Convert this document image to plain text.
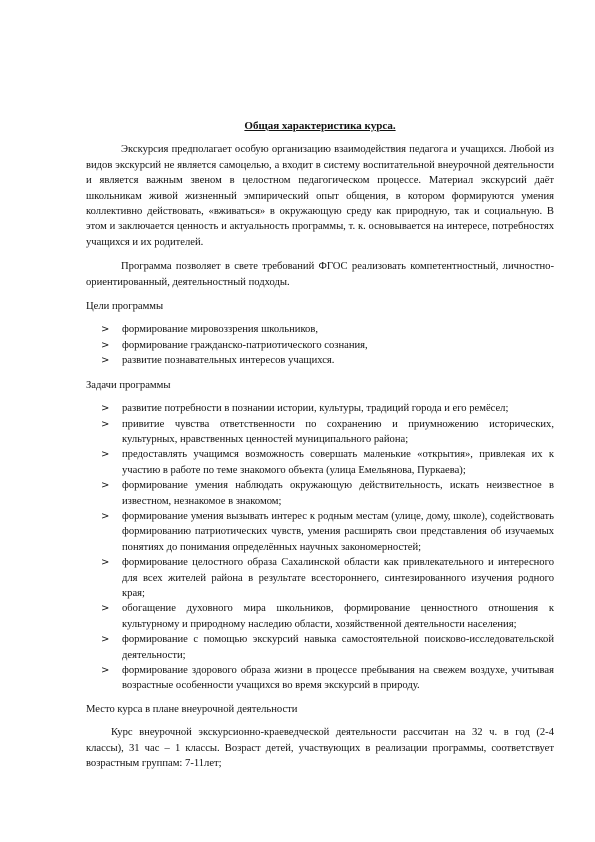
Общая характеристика курса.

Экскурсия предполагает особую организацию взаимодействия педагога и учащихся. Любой из видов экскурсий не является самоцелью, а входит в систему воспитательной внеурочной деятельности и является важным звеном в целостном педагогическом процессе. Материал экскурсий даёт школьникам живой жизненный эмпирический опыт общения, в котором формируются умения коллективно действовать, «вживаться» в окружающую среду как природную, так и социальную. В этом и заключается ценность и актуальность программы, т. к. основывается на интересе, потребностях учащихся и их родителей.

Программа позволяет в свете требований ФГОС реализовать компетентностный, личностно-ориентированный, деятельностный подходы.

Цели программы
> формирование мировоззрения школьников,
> формирование гражданско-патриотического сознания,
> развитие познавательных интересов учащихся.
Задачи программы
> развитие потребности в познании истории, культуры, традиций города и его ремёсел;
> привитие чувства ответственности по сохранению и приумножению исторических, культурных, нравственных ценностей муниципального района;
> предоставлять учащимся возможность совершать маленькие «открытия», привлекая их к участию в работе по теме знакомого объекта (улица Емельянова, Пуркаева);
> формирование умения наблюдать окружающую действительность, искать неизвестное в известном, незнакомое в знакомом;
> формирование умения вызывать интерес к родным местам (улице, дому, школе), содействовать формированию патриотических чувств, умения расширять свои представления об изучаемых понятиях до понимания определённых научных закономерностей;
> формирование целостного образа Сахалинской области как привлекательного и интересного для всех жителей района в результате всестороннего, синтезированного изучения родного края;
> обогащение духовного мира школьников, формирование ценностного отношения к культурному и природному наследию области, хозяйственной деятельности населения;
> формирование с помощью экскурсий навыка самостоятельной поисково-исследовательской деятельности;
> формирование здорового образа жизни в процессе пребывания на свежем воздухе, учитывая возрастные особенности учащихся во время экскурсий в природу.
Место курса в плане внеурочной деятельности

Курс внеурочной экскурсионно-краеведческой деятельности рассчитан на 32 ч. в год (2-4 классы), 31 час – 1 классы. Возраст детей, участвующих в реализации программы, соответствует возрастным группам: 7-11лет;
